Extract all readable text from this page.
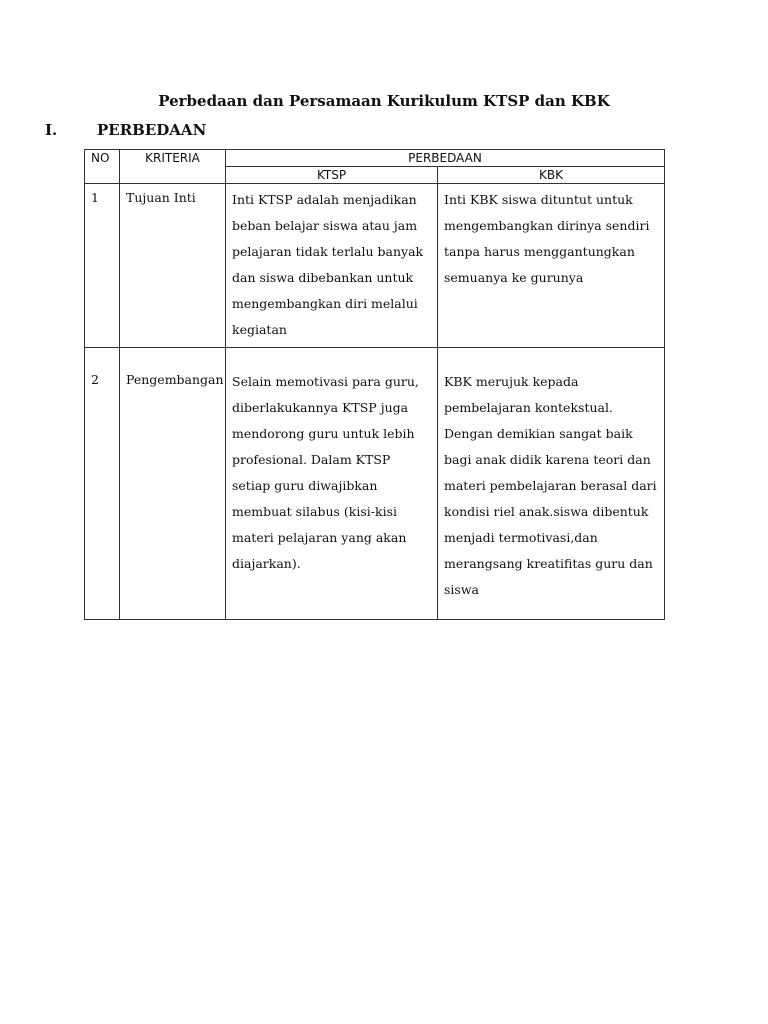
Perbedaan dan Persamaan Kurikulum KTSP dan KBK
I.	PERBEDAAN
NO	KRITERIA	PERBEDAAN	
		KTSP	KBK
1	Tujuan Inti	Inti KTSP adalah menjadikan beban belajar siswa atau jam pelajaran tidak terlalu banyak dan siswa dibebankan untuk mengembangkan diri melalui kegiatan	Inti KBK siswa dituntut untuk mengembangkan dirinya sendiri tanpa harus menggantungkan semuanya ke gurunya
2	Pengembangan	Selain memotivasi para guru, diberlakukannya KTSP juga mendorong guru untuk lebih profesional. Dalam KTSP setiap guru diwajibkan membuat silabus (kisi-kisi materi pelajaran yang akan diajarkan).	KBK merujuk kepada pembelajaran kontekstual. Dengan demikian sangat baik bagi anak didik karena teori dan materi pembelajaran berasal dari kondisi riel anak.siswa dibentuk menjadi termotivasi,dan merangsang kreatifitas guru dan siswa
